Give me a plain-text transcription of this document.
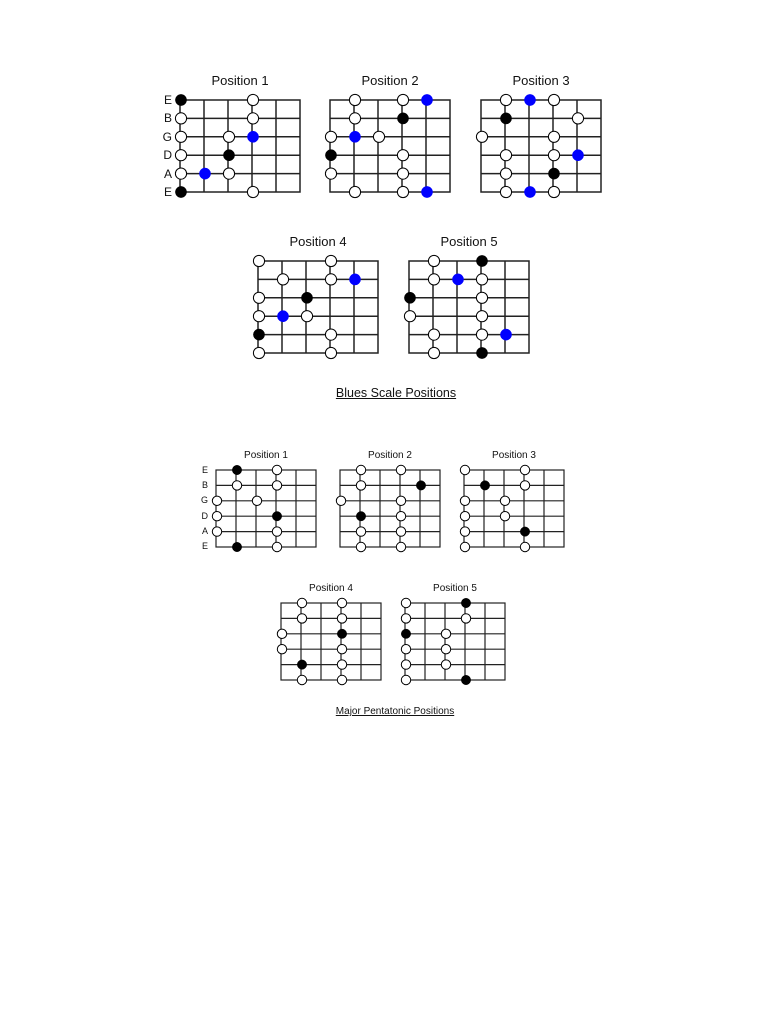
E
B
G
D
A
E
Position 1	Position 2	Position 3
Position 4	Position 5
Blues Scale Positions
E
B
G
D
A
E
Position 1	Position 2	Position 3
Position 4	Position 5
Major Pentatonic Positions
